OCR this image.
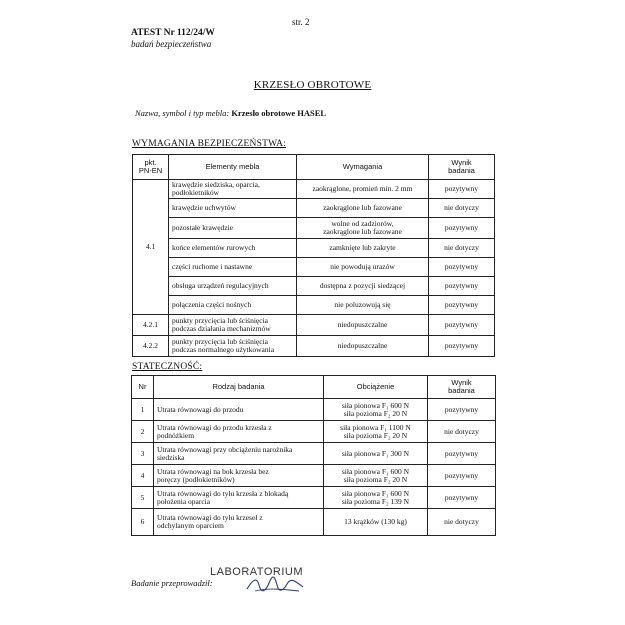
str. 2
ATEST Nr 112/24/W
badań bezpieczeństwa
KRZESŁO OBROTOWE
Nazwa, symbol i typ mebla: Krzesło obrotowe HASEL
WYMAGANIA BEZPIECZEŃSTWA:
pkt.
PN-EN	Elementy mebla	Wymagania	Wynik
badania
4.1	krawędzie siedziska, oparcia,
podłokietników	zaokrąglone, promień min. 2 mm	pozytywny
	krawędzie uchwytów	zaokrąglone lub fazowane	nie dotyczy
	pozostałe krawędzie	wolne od zadziorów,
zaokrąglone lub fazowane	pozytywny
	końce elementów rurowych	zamknięte lub zakryte	nie dotyczy
	części ruchome i nastawne	nie powodują urazów	pozytywny
	obsługa urządzeń regulacyjnych	dostępna z pozycji siedzącej	pozytywny
	połączenia części nośnych	nie poluzowują się	pozytywny
4.2.1	punkty przycięcia lub ściśnięcia
podczas działania mechanizmów	niedopuszczalne	pozytywny
4.2.2	punkty przycięcia lub ściśnięcia
podczas normalnego użytkowania	niedopuszczalne	pozytywny
STATECZNOŚĆ:
Nr	Rodzaj badania	Obciążenie	Wynik
badania
1	Utrata równowagi do przodu	siła pionowa F₁ 600 N
siła pozioma F₂ 20 N	pozytywny
2	Utrata równowagi do przodu krzesła z
podnóżkiem	siła pionowa F₁ 1100 N
siła pozioma F₂ 20 N	nie dotyczy
3	Utrata równowagi przy obciążeniu narożnika
siedziska	siła pionowa F₁ 300 N	pozytywny
4	Utrata równowagi na bok krzesła bez
poręczy (podłokietników)	siła pionowa F₁ 600 N
siła pozioma F₂ 20 N	pozytywny
5	Utrata równowagi do tyłu krzesła z blokadą
położenia oparcia	siła pionowa F₁ 600 N
siła pozioma F₂ 139 N	pozytywny
6	Utrata równowagi do tyłu krzeseł z
odchylanym oparciem	13 krążków (130 kg)	nie dotyczy
Badanie przeprowadził:
LABORATORIUM
